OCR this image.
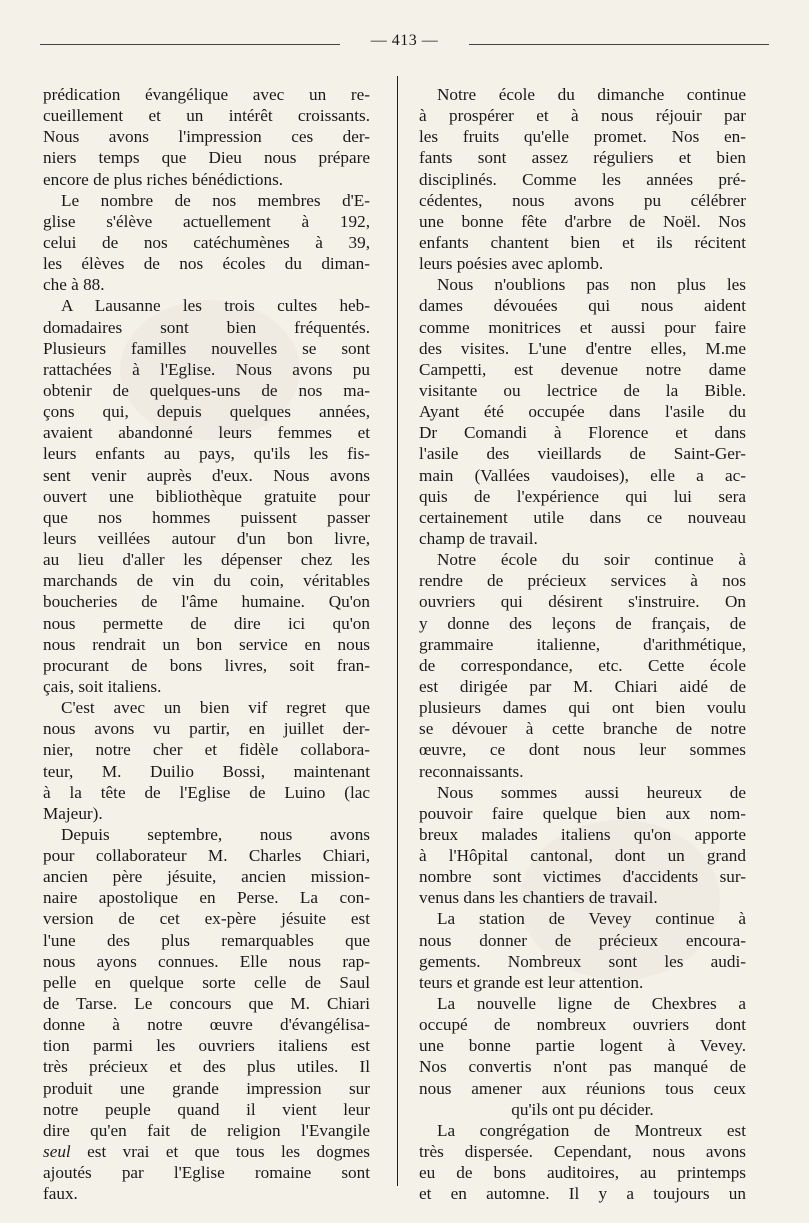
— 413 —
prédication évangélique avec un re-
cueillement et un intérêt croissants.
Nous avons l'impression ces der-
niers temps que Dieu nous prépare
encore de plus riches bénédictions.
Le nombre de nos membres d'E-
glise s'élève actuellement à 192,
celui de nos catéchumènes à 39,
les élèves de nos écoles du diman-
che à 88.
A Lausanne les trois cultes heb-
domadaires sont bien fréquentés.
Plusieurs familles nouvelles se sont
rattachées à l'Eglise. Nous avons pu
obtenir de quelques-uns de nos ma-
çons qui, depuis quelques années,
avaient abandonné leurs femmes et
leurs enfants au pays, qu'ils les fis-
sent venir auprès d'eux. Nous avons
ouvert une bibliothèque gratuite pour
que nos hommes puissent passer
leurs veillées autour d'un bon livre,
au lieu d'aller les dépenser chez les
marchands de vin du coin, véritables
boucheries de l'âme humaine. Qu'on
nous permette de dire ici qu'on
nous rendrait un bon service en nous
procurant de bons livres, soit fran-
çais, soit italiens.
C'est avec un bien vif regret que
nous avons vu partir, en juillet der-
nier, notre cher et fidèle collabora-
teur, M. Duilio Bossi, maintenant
à la tête de l'Eglise de Luino (lac
Majeur).
Depuis septembre, nous avons
pour collaborateur M. Charles Chiari,
ancien père jésuite, ancien mission-
naire apostolique en Perse. La con-
version de cet ex-père jésuite est
l'une des plus remarquables que
nous ayons connues. Elle nous rap-
pelle en quelque sorte celle de Saul
de Tarse. Le concours que M. Chiari
donne à notre œuvre d'évangélisa-
tion parmi les ouvriers italiens est
très précieux et des plus utiles. Il
produit une grande impression sur
notre peuple quand il vient leur
dire qu'en fait de religion l'Evangile
seul est vrai et que tous les dogmes
ajoutés par l'Eglise romaine sont
faux.
Notre école du dimanche continue
à prospérer et à nous réjouir par
les fruits qu'elle promet. Nos en-
fants sont assez réguliers et bien
disciplinés. Comme les années pré-
cédentes, nous avons pu célébrer
une bonne fête d'arbre de Noël. Nos
enfants chantent bien et ils récitent
leurs poésies avec aplomb.
Nous n'oublions pas non plus les
dames dévouées qui nous aident
comme monitrices et aussi pour faire
des visites. L'une d'entre elles, M.me
Campetti, est devenue notre dame
visitante ou lectrice de la Bible.
Ayant été occupée dans l'asile du
Dr Comandi à Florence et dans
l'asile des vieillards de Saint-Ger-
main (Vallées vaudoises), elle a ac-
quis de l'expérience qui lui sera
certainement utile dans ce nouveau
champ de travail.
Notre école du soir continue à
rendre de précieux services à nos
ouvriers qui désirent s'instruire. On
y donne des leçons de français, de
grammaire italienne, d'arithmétique,
de correspondance, etc. Cette école
est dirigée par M. Chiari aidé de
plusieurs dames qui ont bien voulu
se dévouer à cette branche de notre
œuvre, ce dont nous leur sommes
reconnaissants.
Nous sommes aussi heureux de
pouvoir faire quelque bien aux nom-
breux malades italiens qu'on apporte
à l'Hôpital cantonal, dont un grand
nombre sont victimes d'accidents sur-
venus dans les chantiers de travail.
La station de Vevey continue à
nous donner de précieux encoura-
gements. Nombreux sont les audi-
teurs et grande est leur attention.
La nouvelle ligne de Chexbres a
occupé de nombreux ouvriers dont
une bonne partie logent à Vevey.
Nos convertis n'ont pas manqué de
nous amener aux réunions tous ceux
qu'ils ont pu décider.
La congrégation de Montreux est
très dispersée. Cependant, nous avons
eu de bons auditoires, au printemps
et en automne. Il y a toujours un
